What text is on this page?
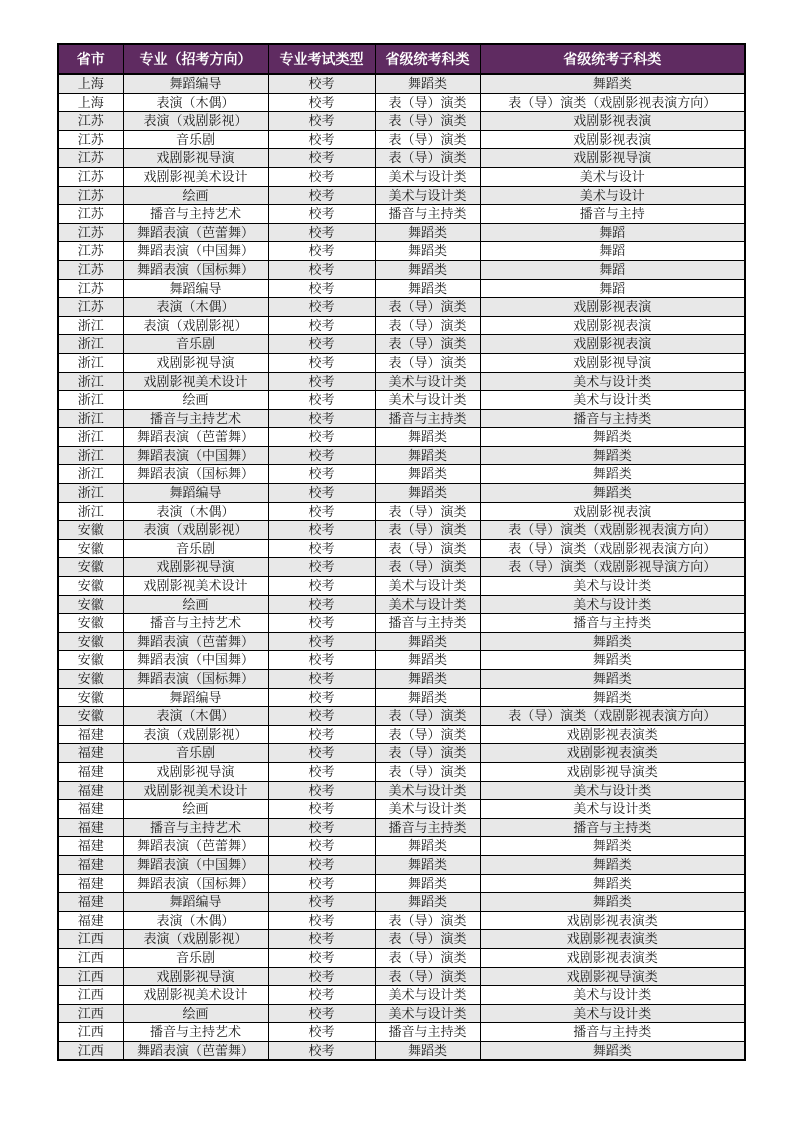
省市	专业（招考方向）	专业考试类型	省级统考科类	省级统考子科类
上海	舞蹈编导	校考	舞蹈类	舞蹈类
上海	表演（木偶）	校考	表（导）演类	表（导）演类（戏剧影视表演方向）
江苏	表演（戏剧影视）	校考	表（导）演类	戏剧影视表演
江苏	音乐剧	校考	表（导）演类	戏剧影视表演
江苏	戏剧影视导演	校考	表（导）演类	戏剧影视导演
江苏	戏剧影视美术设计	校考	美术与设计类	美术与设计
江苏	绘画	校考	美术与设计类	美术与设计
江苏	播音与主持艺术	校考	播音与主持类	播音与主持
江苏	舞蹈表演（芭蕾舞）	校考	舞蹈类	舞蹈
江苏	舞蹈表演（中国舞）	校考	舞蹈类	舞蹈
江苏	舞蹈表演（国标舞）	校考	舞蹈类	舞蹈
江苏	舞蹈编导	校考	舞蹈类	舞蹈
江苏	表演（木偶）	校考	表（导）演类	戏剧影视表演
浙江	表演（戏剧影视）	校考	表（导）演类	戏剧影视表演
浙江	音乐剧	校考	表（导）演类	戏剧影视表演
浙江	戏剧影视导演	校考	表（导）演类	戏剧影视导演
浙江	戏剧影视美术设计	校考	美术与设计类	美术与设计类
浙江	绘画	校考	美术与设计类	美术与设计类
浙江	播音与主持艺术	校考	播音与主持类	播音与主持类
浙江	舞蹈表演（芭蕾舞）	校考	舞蹈类	舞蹈类
浙江	舞蹈表演（中国舞）	校考	舞蹈类	舞蹈类
浙江	舞蹈表演（国标舞）	校考	舞蹈类	舞蹈类
浙江	舞蹈编导	校考	舞蹈类	舞蹈类
浙江	表演（木偶）	校考	表（导）演类	戏剧影视表演
安徽	表演（戏剧影视）	校考	表（导）演类	表（导）演类（戏剧影视表演方向）
安徽	音乐剧	校考	表（导）演类	表（导）演类（戏剧影视表演方向）
安徽	戏剧影视导演	校考	表（导）演类	表（导）演类（戏剧影视导演方向）
安徽	戏剧影视美术设计	校考	美术与设计类	美术与设计类
安徽	绘画	校考	美术与设计类	美术与设计类
安徽	播音与主持艺术	校考	播音与主持类	播音与主持类
安徽	舞蹈表演（芭蕾舞）	校考	舞蹈类	舞蹈类
安徽	舞蹈表演（中国舞）	校考	舞蹈类	舞蹈类
安徽	舞蹈表演（国标舞）	校考	舞蹈类	舞蹈类
安徽	舞蹈编导	校考	舞蹈类	舞蹈类
安徽	表演（木偶）	校考	表（导）演类	表（导）演类（戏剧影视表演方向）
福建	表演（戏剧影视）	校考	表（导）演类	戏剧影视表演类
福建	音乐剧	校考	表（导）演类	戏剧影视表演类
福建	戏剧影视导演	校考	表（导）演类	戏剧影视导演类
福建	戏剧影视美术设计	校考	美术与设计类	美术与设计类
福建	绘画	校考	美术与设计类	美术与设计类
福建	播音与主持艺术	校考	播音与主持类	播音与主持类
福建	舞蹈表演（芭蕾舞）	校考	舞蹈类	舞蹈类
福建	舞蹈表演（中国舞）	校考	舞蹈类	舞蹈类
福建	舞蹈表演（国标舞）	校考	舞蹈类	舞蹈类
福建	舞蹈编导	校考	舞蹈类	舞蹈类
福建	表演（木偶）	校考	表（导）演类	戏剧影视表演类
江西	表演（戏剧影视）	校考	表（导）演类	戏剧影视表演类
江西	音乐剧	校考	表（导）演类	戏剧影视表演类
江西	戏剧影视导演	校考	表（导）演类	戏剧影视导演类
江西	戏剧影视美术设计	校考	美术与设计类	美术与设计类
江西	绘画	校考	美术与设计类	美术与设计类
江西	播音与主持艺术	校考	播音与主持类	播音与主持类
江西	舞蹈表演（芭蕾舞）	校考	舞蹈类	舞蹈类
